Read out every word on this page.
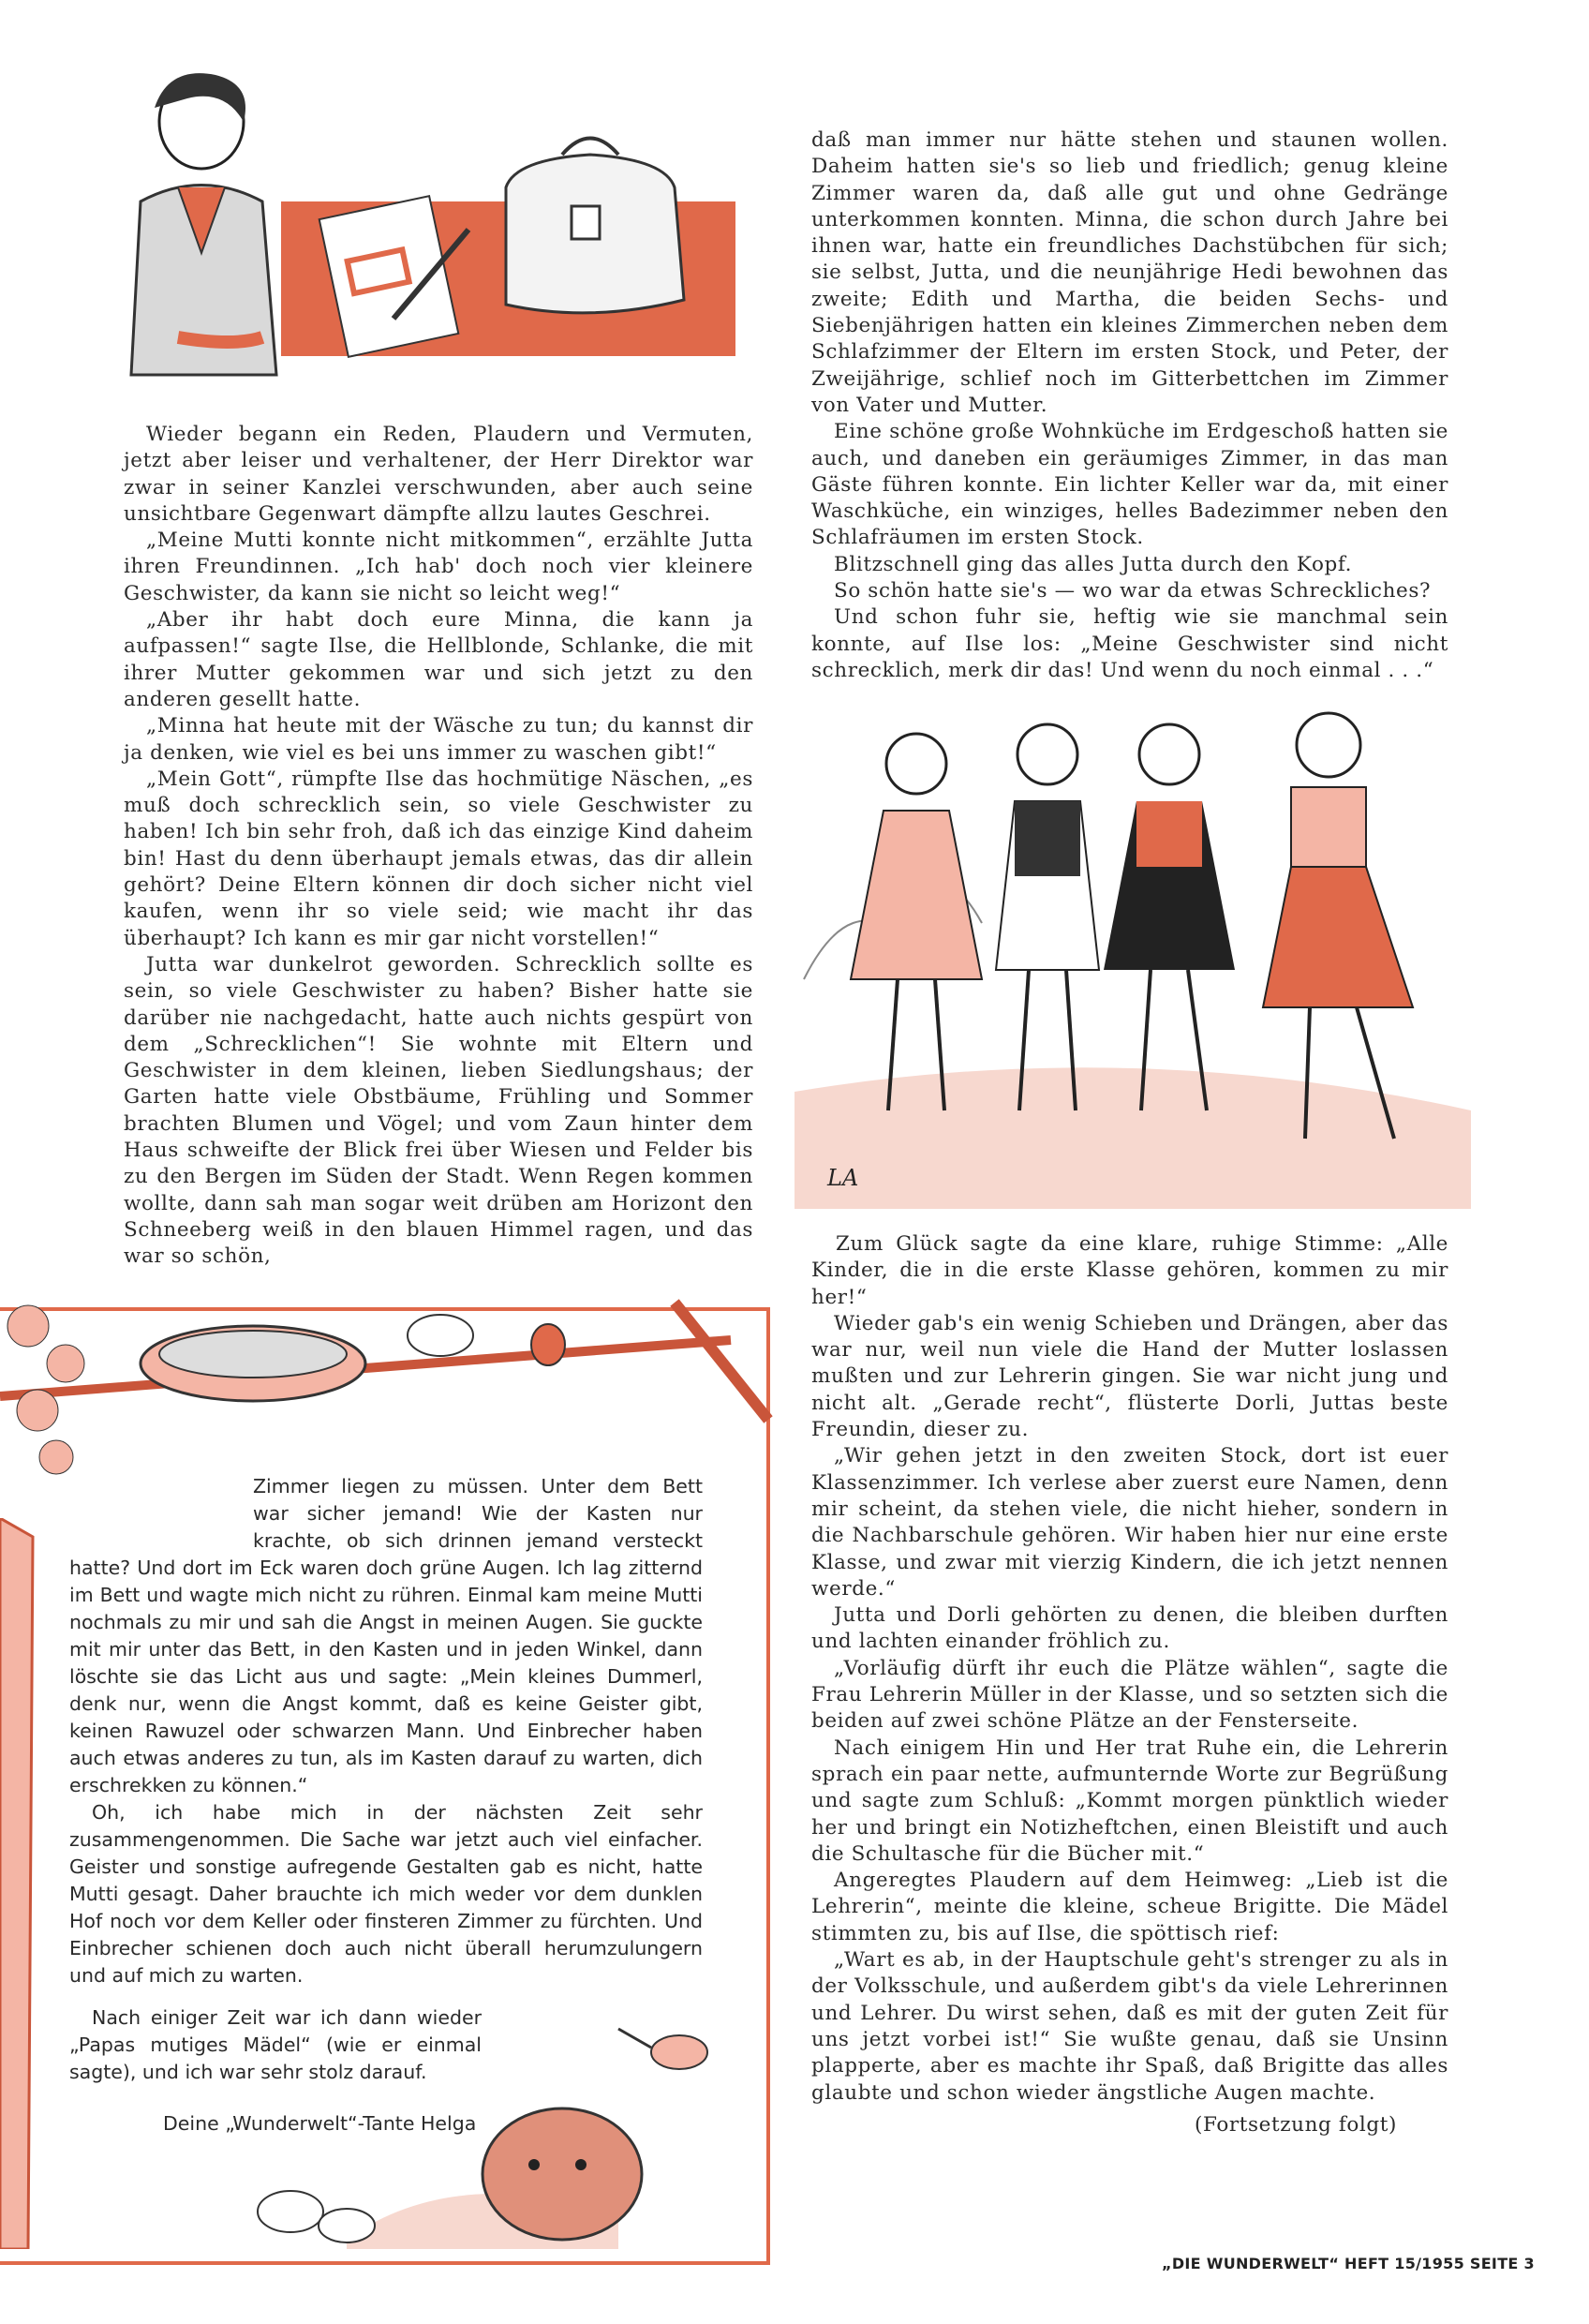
Wieder begann ein Reden, Plaudern und Vermuten, jetzt aber leiser und verhaltener, der Herr Direktor war zwar in seiner Kanzlei verschwunden, aber auch seine unsichtbare Gegenwart dämpfte allzu lautes Geschrei.

„Meine Mutti konnte nicht mitkommen“, erzählte Jutta ihren Freundinnen. „Ich hab' doch noch vier kleinere Geschwister, da kann sie nicht so leicht weg!“

„Aber ihr habt doch eure Minna, die kann ja aufpassen!“ sagte Ilse, die Hellblonde, Schlanke, die mit ihrer Mutter gekommen war und sich jetzt zu den anderen gesellt hatte.

„Minna hat heute mit der Wäsche zu tun; du kannst dir ja denken, wie viel es bei uns immer zu waschen gibt!“

„Mein Gott“, rümpfte Ilse das hochmütige Näschen, „es muß doch schrecklich sein, so viele Geschwister zu haben! Ich bin sehr froh, daß ich das einzige Kind daheim bin! Hast du denn überhaupt jemals etwas, das dir allein gehört? Deine Eltern können dir doch sicher nicht viel kaufen, wenn ihr so viele seid; wie macht ihr das überhaupt? Ich kann es mir gar nicht vorstellen!“

Jutta war dunkelrot geworden. Schrecklich sollte es sein, so viele Geschwister zu haben? Bisher hatte sie darüber nie nachgedacht, hatte auch nichts gespürt von dem „Schrecklichen“! Sie wohnte mit Eltern und Geschwister in dem kleinen, lieben Siedlungshaus; der Garten hatte viele Obstbäume, Frühling und Sommer brachten Blumen und Vögel; und vom Zaun hinter dem Haus schweifte der Blick frei über Wiesen und Felder bis zu den Bergen im Süden der Stadt. Wenn Regen kommen wollte, dann sah man sogar weit drüben am Horizont den Schneeberg weiß in den blauen Himmel ragen, und das war so schön,

daß man immer nur hätte stehen und staunen wollen. Daheim hatten sie's so lieb und friedlich; genug kleine Zimmer waren da, daß alle gut und ohne Gedränge unterkommen konnten. Minna, die schon durch Jahre bei ihnen war, hatte ein freundliches Dachstübchen für sich; sie selbst, Jutta, und die neunjährige Hedi bewohnen das zweite; Edith und Martha, die beiden Sechs- und Siebenjährigen hatten ein kleines Zimmerchen neben dem Schlafzimmer der Eltern im ersten Stock, und Peter, der Zweijährige, schlief noch im Gitterbettchen im Zimmer von Vater und Mutter.

Eine schöne große Wohnküche im Erdgeschoß hatten sie auch, und daneben ein geräumiges Zimmer, in das man Gäste führen konnte. Ein lichter Keller war da, mit einer Waschküche, ein winziges, helles Badezimmer neben den Schlafräumen im ersten Stock.

Blitzschnell ging das alles Jutta durch den Kopf.

So schön hatte sie's — wo war da etwas Schreckliches?

Und schon fuhr sie, heftig wie sie manchmal sein konnte, auf Ilse los: „Meine Geschwister sind nicht schrecklich, merk dir das! Und wenn du noch einmal . . .“

LA

Zum Glück sagte da eine klare, ruhige Stimme: „Alle Kinder, die in die erste Klasse gehören, kommen zu mir her!“

Wieder gab's ein wenig Schieben und Drängen, aber das war nur, weil nun viele die Hand der Mutter loslassen mußten und zur Lehrerin gingen. Sie war nicht jung und nicht alt. „Gerade recht“, flüsterte Dorli, Juttas beste Freundin, dieser zu.

„Wir gehen jetzt in den zweiten Stock, dort ist euer Klassenzimmer. Ich verlese aber zuerst eure Namen, denn mir scheint, da stehen viele, die nicht hieher, sondern in die Nachbarschule gehören. Wir haben hier nur eine erste Klasse, und zwar mit vierzig Kindern, die ich jetzt nennen werde.“

Jutta und Dorli gehörten zu denen, die bleiben durften und lachten einander fröhlich zu.

„Vorläufig dürft ihr euch die Plätze wählen“, sagte die Frau Lehrerin Müller in der Klasse, und so setzten sich die beiden auf zwei schöne Plätze an der Fensterseite.

Nach einigem Hin und Her trat Ruhe ein, die Lehrerin sprach ein paar nette, aufmunternde Worte zur Begrüßung und sagte zum Schluß: „Kommt morgen pünktlich wieder her und bringt ein Notizheftchen, einen Bleistift und auch die Schultasche für die Bücher mit.“

Angeregtes Plaudern auf dem Heimweg: „Lieb ist die Lehrerin“, meinte die kleine, scheue Brigitte. Die Mädel stimmten zu, bis auf Ilse, die spöttisch rief:

„Wart es ab, in der Hauptschule geht's strenger zu als in der Volksschule, und außerdem gibt's da viele Lehrerinnen und Lehrer. Du wirst sehen, daß es mit der guten Zeit für uns jetzt vorbei ist!“ Sie wußte genau, daß sie Unsinn plapperte, aber es machte ihr Spaß, daß Brigitte das alles glaubte und schon wieder ängstliche Augen machte.

(Fortsetzung folgt)

Zimmer liegen zu müssen. Unter dem Bett war sicher jemand! Wie der Kasten nur krachte, ob sich drinnen jemand versteckt hatte? Und dort im Eck waren doch grüne Augen. Ich lag zitternd im Bett und wagte mich nicht zu rühren. Einmal kam meine Mutti nochmals zu mir und sah die Angst in meinen Augen. Sie guckte mit mir unter das Bett, in den Kasten und in jeden Winkel, dann löschte sie das Licht aus und sagte: „Mein kleines Dummerl, denk nur, wenn die Angst kommt, daß es keine Geister gibt, keinen Rawuzel oder schwarzen Mann. Und Einbrecher haben auch etwas anderes zu tun, als im Kasten darauf zu warten, dich erschrekken zu können.“

Oh, ich habe mich in der nächsten Zeit sehr zusammengenommen. Die Sache war jetzt auch viel einfacher. Geister und sonstige aufregende Gestalten gab es nicht, hatte Mutti gesagt. Daher brauchte ich mich weder vor dem dunklen Hof noch vor dem Keller oder finsteren Zimmer zu fürchten. Und Einbrecher schienen doch auch nicht überall herumzulungern und auf mich zu warten.

Nach einiger Zeit war ich dann wieder „Papas mutiges Mädel“ (wie er einmal sagte), und ich war sehr stolz darauf.

Deine „Wunderwelt“-Tante Helga

„DIE WUNDERWELT“ HEFT 15/1955 SEITE 3
